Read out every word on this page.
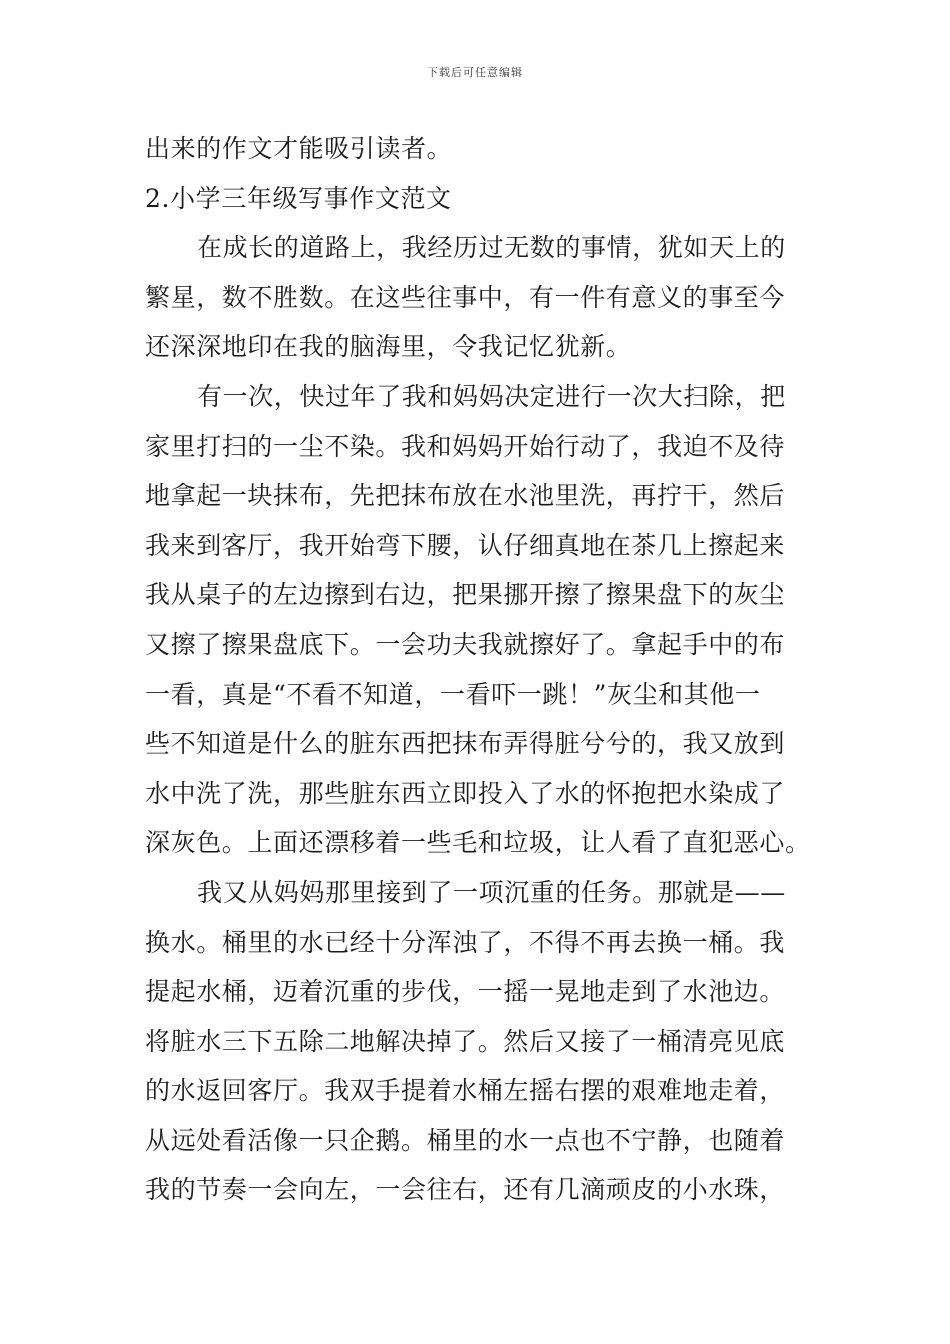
下载后可任意编辑
出来的作文才能吸引读者。
2.小学三年级写事作文范文
在成长的道路上，我经历过无数的事情，犹如天上的
繁星，数不胜数。在这些往事中，有一件有意义的事至今
还深深地印在我的脑海里，令我记忆犹新。
有一次，快过年了我和妈妈决定进行一次大扫除，把
家里打扫的一尘不染。我和妈妈开始行动了，我迫不及待
地拿起一块抹布，先把抹布放在水池里洗，再拧干，然后
我来到客厅，我开始弯下腰，认仔细真地在茶几上擦起来
我从桌子的左边擦到右边，把果挪开擦了擦果盘下的灰尘
又擦了擦果盘底下。一会功夫我就擦好了。拿起手中的布
一看，真是“不看不知道，一看吓一跳！”灰尘和其他一
些不知道是什么的脏东西把抹布弄得脏兮兮的，我又放到
水中洗了洗，那些脏东西立即投入了水的怀抱把水染成了
深灰色。上面还漂移着一些毛和垃圾，让人看了直犯恶心。
我又从妈妈那里接到了一项沉重的任务。那就是——
换水。桶里的水已经十分浑浊了，不得不再去换一桶。我
提起水桶，迈着沉重的步伐，一摇一晃地走到了水池边。
将脏水三下五除二地解决掉了。然后又接了一桶清亮见底
的水返回客厅。我双手提着水桶左摇右摆的艰难地走着，
从远处看活像一只企鹅。桶里的水一点也不宁静，也随着
我的节奏一会向左，一会往右，还有几滴顽皮的小水珠，
